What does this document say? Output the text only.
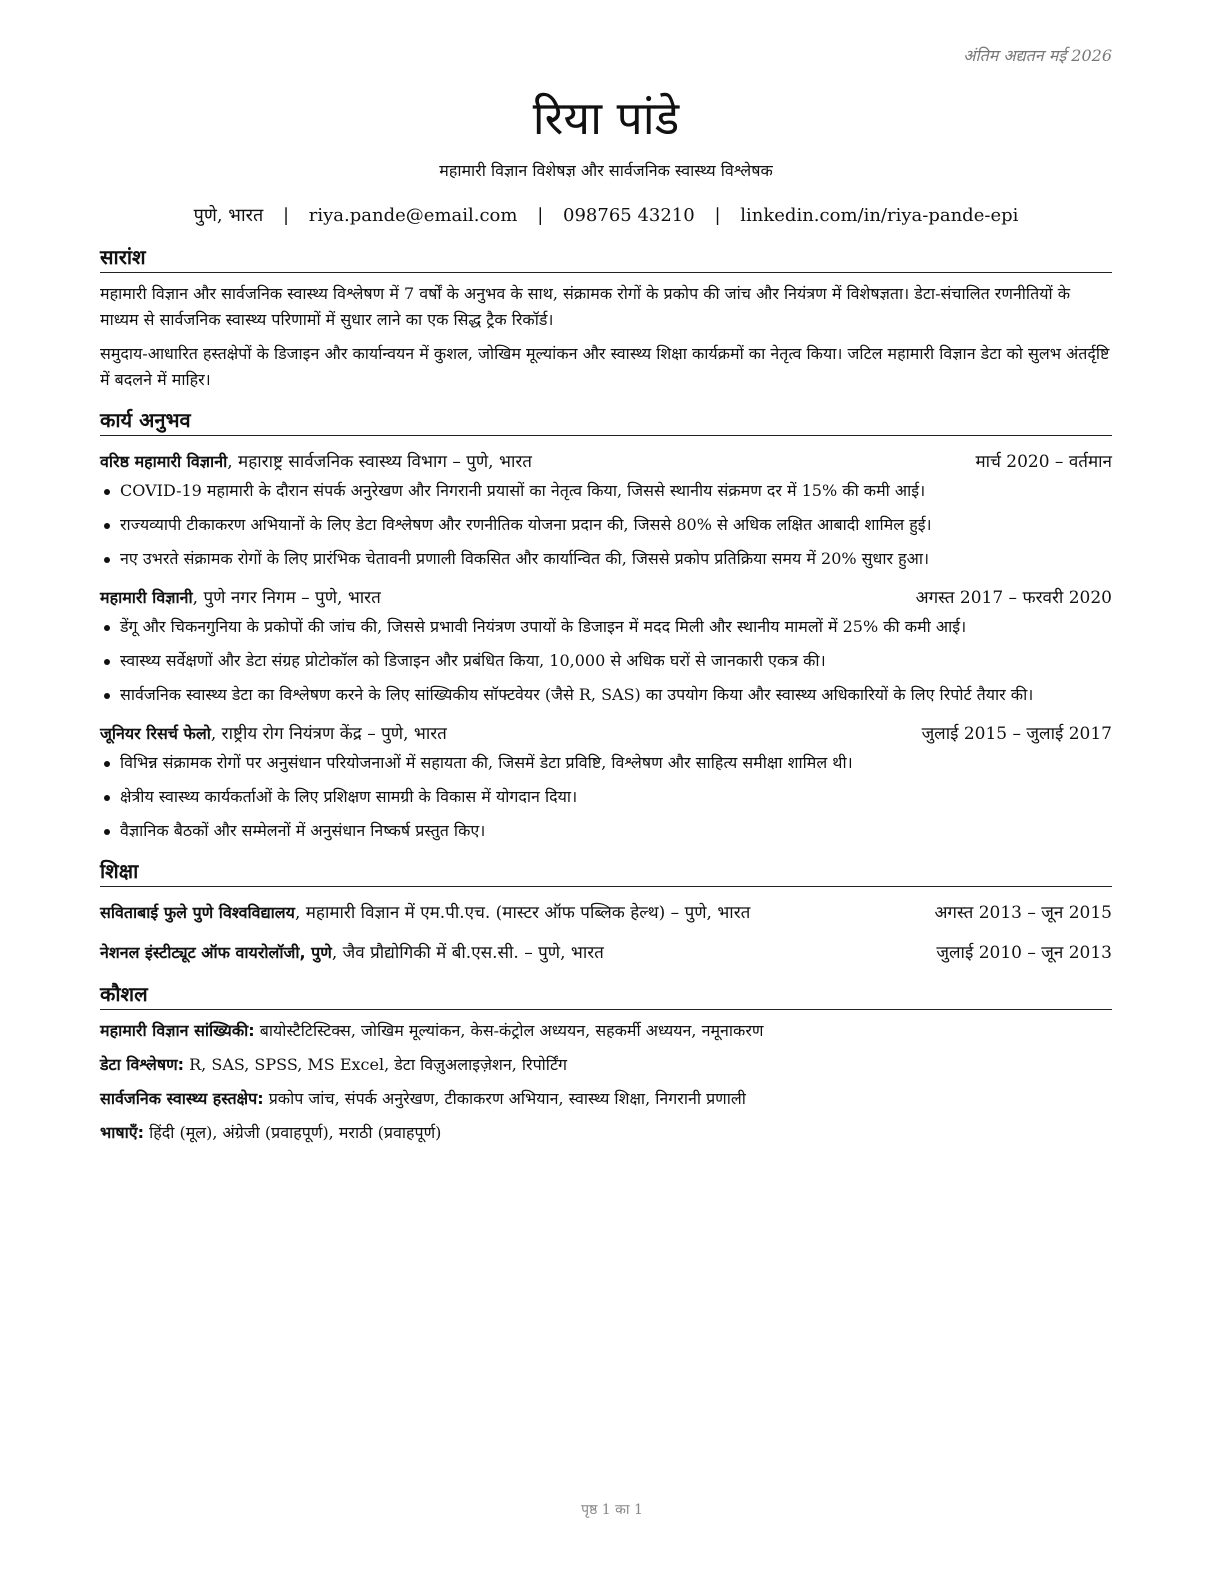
अंतिम अद्यतन मई 2026
रिया पांडे
महामारी विज्ञान विशेषज्ञ और सार्वजनिक स्वास्थ्य विश्लेषक
पुणे, भारत | riya.pande@email.com | 098765 43210 | linkedin.com/in/riya-pande-epi
सारांश

महामारी विज्ञान और सार्वजनिक स्वास्थ्य विश्लेषण में 7 वर्षों के अनुभव के साथ, संक्रामक रोगों के प्रकोप की जांच और नियंत्रण में विशेषज्ञता। डेटा-संचालित रणनीतियों के माध्यम से सार्वजनिक स्वास्थ्य परिणामों में सुधार लाने का एक सिद्ध ट्रैक रिकॉर्ड।

समुदाय-आधारित हस्तक्षेपों के डिजाइन और कार्यान्वयन में कुशल, जोखिम मूल्यांकन और स्वास्थ्य शिक्षा कार्यक्रमों का नेतृत्व किया। जटिल महामारी विज्ञान डेटा को सुलभ अंतर्दृष्टि में बदलने में माहिर।

कार्य अनुभव
वरिष्ठ महामारी विज्ञानी, महाराष्ट्र सार्वजनिक स्वास्थ्य विभाग – पुणे, भारत	मार्च 2020 – वर्तमान
COVID-19 महामारी के दौरान संपर्क अनुरेखण और निगरानी प्रयासों का नेतृत्व किया, जिससे स्थानीय संक्रमण दर में 15% की कमी आई।
राज्यव्यापी टीकाकरण अभियानों के लिए डेटा विश्लेषण और रणनीतिक योजना प्रदान की, जिससे 80% से अधिक लक्षित आबादी शामिल हुई।
नए उभरते संक्रामक रोगों के लिए प्रारंभिक चेतावनी प्रणाली विकसित और कार्यान्वित की, जिससे प्रकोप प्रतिक्रिया समय में 20% सुधार हुआ।
महामारी विज्ञानी, पुणे नगर निगम – पुणे, भारत	अगस्त 2017 – फरवरी 2020
डेंगू और चिकनगुनिया के प्रकोपों की जांच की, जिससे प्रभावी नियंत्रण उपायों के डिजाइन में मदद मिली और स्थानीय मामलों में 25% की कमी आई।
स्वास्थ्य सर्वेक्षणों और डेटा संग्रह प्रोटोकॉल को डिजाइन और प्रबंधित किया, 10,000 से अधिक घरों से जानकारी एकत्र की।
सार्वजनिक स्वास्थ्य डेटा का विश्लेषण करने के लिए सांख्यिकीय सॉफ्टवेयर (जैसे R, SAS) का उपयोग किया और स्वास्थ्य अधिकारियों के लिए रिपोर्ट तैयार की।
जूनियर रिसर्च फेलो, राष्ट्रीय रोग नियंत्रण केंद्र – पुणे, भारत	जुलाई 2015 – जुलाई 2017
विभिन्न संक्रामक रोगों पर अनुसंधान परियोजनाओं में सहायता की, जिसमें डेटा प्रविष्टि, विश्लेषण और साहित्य समीक्षा शामिल थी।
क्षेत्रीय स्वास्थ्य कार्यकर्ताओं के लिए प्रशिक्षण सामग्री के विकास में योगदान दिया।
वैज्ञानिक बैठकों और सम्मेलनों में अनुसंधान निष्कर्ष प्रस्तुत किए।
शिक्षा
सविताबाई फुले पुणे विश्वविद्यालय, महामारी विज्ञान में एम.पी.एच. (मास्टर ऑफ पब्लिक हेल्थ) – पुणे, भारत	अगस्त 2013 – जून 2015
नेशनल इंस्टीट्यूट ऑफ वायरोलॉजी, पुणे, जैव प्रौद्योगिकी में बी.एस.सी. – पुणे, भारत	जुलाई 2010 – जून 2013
कौशल
महामारी विज्ञान सांख्यिकी: बायोस्टैटिस्टिक्स, जोखिम मूल्यांकन, केस-कंट्रोल अध्ययन, सहकर्मी अध्ययन, नमूनाकरण
डेटा विश्लेषण: R, SAS, SPSS, MS Excel, डेटा विज़ुअलाइज़ेशन, रिपोर्टिंग
सार्वजनिक स्वास्थ्य हस्तक्षेप: प्रकोप जांच, संपर्क अनुरेखण, टीकाकरण अभियान, स्वास्थ्य शिक्षा, निगरानी प्रणाली
भाषाएँ: हिंदी (मूल), अंग्रेजी (प्रवाहपूर्ण), मराठी (प्रवाहपूर्ण)
पृष्ठ 1 का 1
